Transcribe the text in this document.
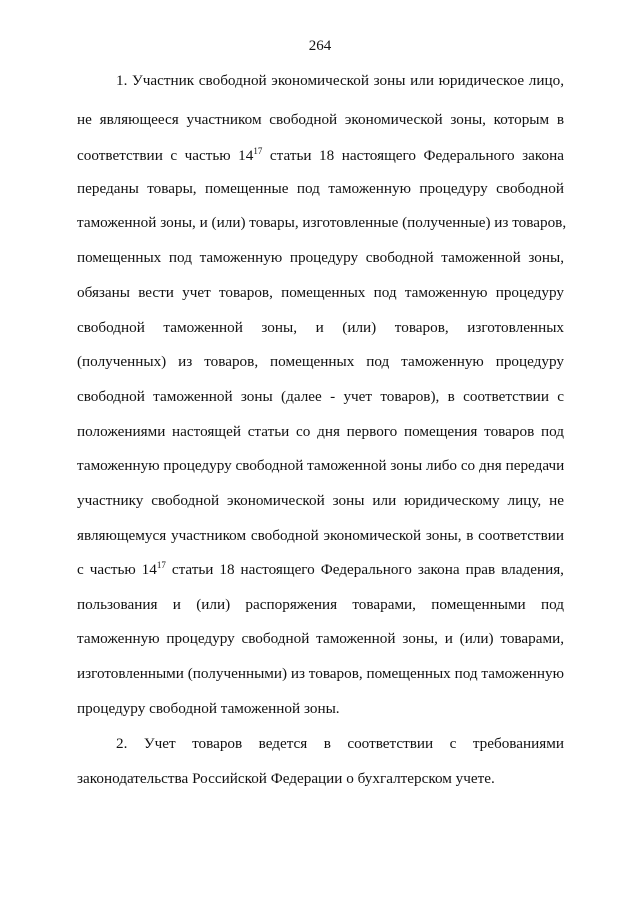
264
1. Участник свободной экономической зоны или юридическое лицо,
не являющееся участником свободной экономической зоны, которым в
соответствии с частью $14^{17}$ статьи 18 настоящего Федерального закона
переданы товары, помещенные под таможенную процедуру свободной
таможенной зоны, и (или) товары, изготовленные (полученные) из товаров,
помещенных под таможенную процедуру свободной таможенной зоны,
обязаны вести учет товаров, помещенных под таможенную процедуру
свободной таможенной зоны, и (или) товаров, изготовленных
(полученных) из товаров, помещенных под таможенную процедуру
свободной таможенной зоны (далее - учет товаров), в соответствии с
положениями настоящей статьи со дня первого помещения товаров под
таможенную процедуру свободной таможенной зоны либо со дня передачи
участнику свободной экономической зоны или юридическому лицу, не
являющемуся участником свободной экономической зоны, в соответствии
с частью $14^{17}$ статьи 18 настоящего Федерального закона прав владения,
пользования и (или) распоряжения товарами, помещенными под
таможенную процедуру свободной таможенной зоны, и (или) товарами,
изготовленными (полученными) из товаров, помещенных под таможенную
процедуру свободной таможенной зоны.
2. Учет товаров ведется в соответствии с требованиями
законодательства Российской Федерации о бухгалтерском учете.
